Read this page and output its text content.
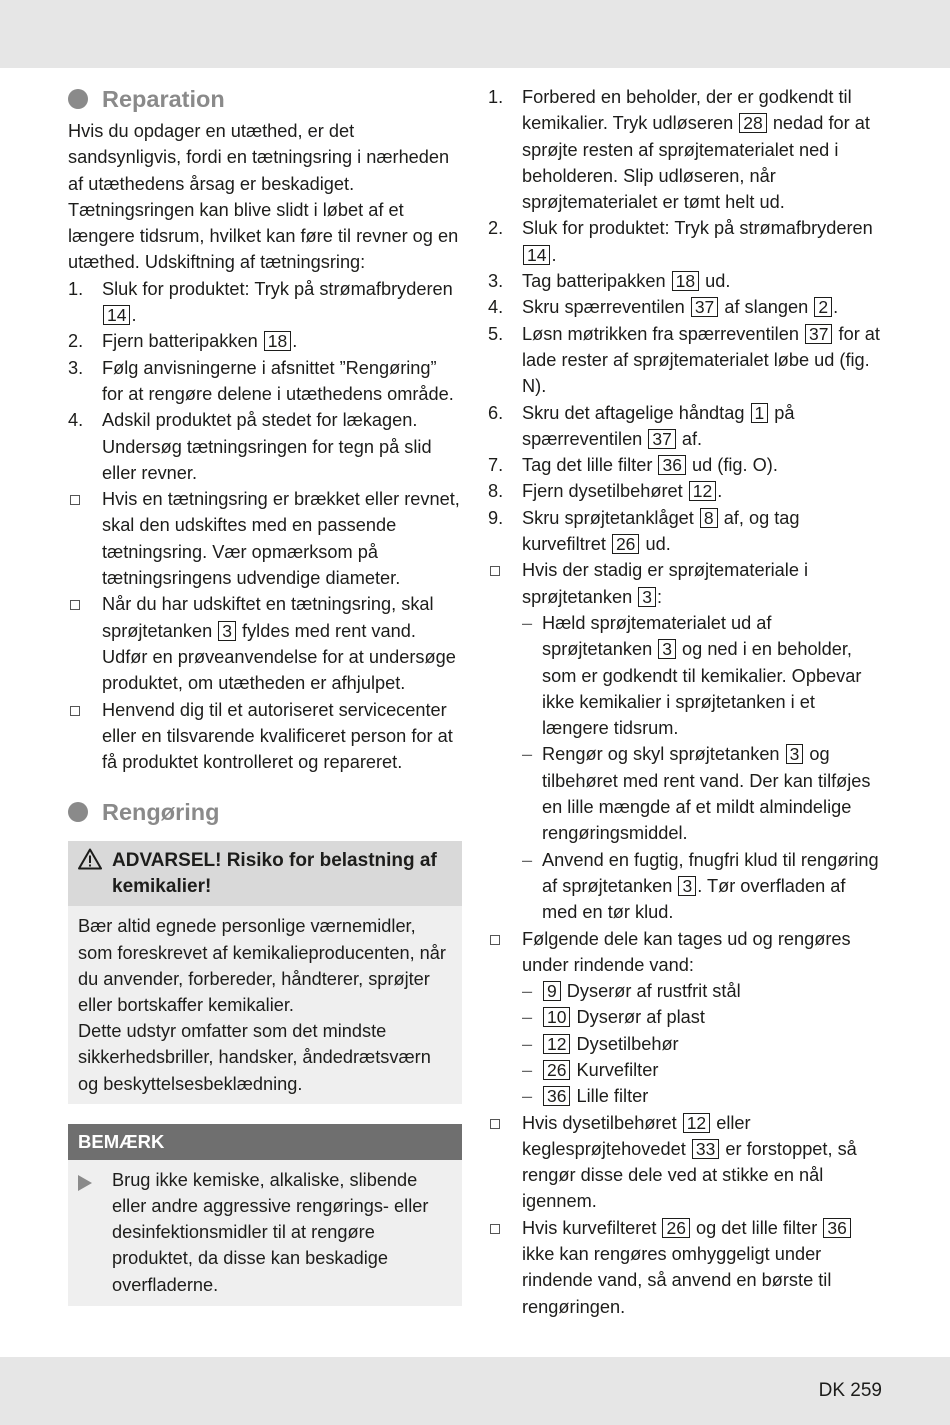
Reparation

Hvis du opdager en utæthed, er det sandsynligvis, fordi en tætningsring i nærheden af utæthedens årsag er beskadiget. Tætningsringen kan blive slidt i løbet af et længere tidsrum, hvilket kan føre til revner og en utæthed. Udskiftning af tætningsring:

1.	Sluk for produktet: Tryk på strømafbryderen 14 .
2.	Fjern batteripakken 18 .
3.	Følg anvisningerne i afsnittet ”Rengøring” for at rengøre delene i utæthedens område.
4.	Adskil produktet på stedet for lækagen. Undersøg tætningsringen for tegn på slid eller revner.
Hvis en tætningsring er brækket eller revnet, skal den udskiftes med en passende tætningsring. Vær opmærksom på tætningsringens udvendige diameter.
Når du har udskiftet en tætningsring, skal sprøjtetanken 3 fyldes med rent vand. Udfør en prøveanvendelse for at undersøge produktet, om utætheden er afhjulpet.
Henvend dig til et autoriseret servicecenter eller en tilsvarende kvalificeret person for at få produktet kontrolleret og repareret.
Rengøring
ADVARSEL! Risiko for belastning af kemikalier!

Bær altid egnede personlige værnemidler, som foreskrevet af kemikalieproducenten, når du anvender, forbereder, håndterer, sprøjter eller bortskaffer kemikalier.

Dette udstyr omfatter som det mindste sikkerhedsbriller, handsker, åndedrætsværn og beskyttelsesbeklædning.

BEMÆRK
Brug ikke kemiske, alkaliske, slibende eller andre aggressive rengørings- eller desinfektionsmidler til at rengøre produktet, da disse kan beskadige overfladerne.
1.	Forbered en beholder, der er godkendt til kemikalier. Tryk udløseren 28 nedad for at sprøjte resten af sprøjtematerialet ned i beholderen. Slip udløseren, når sprøjtematerialet er tømt helt ud.
2.	Sluk for produktet: Tryk på strømafbryderen 14 .
3.	Tag batteripakken 18 ud.
4.	Skru spærreventilen 37 af slangen 2 .
5.	Løsn møtrikken fra spærreventilen 37 for at lade rester af sprøjtematerialet løbe ud (fig. N).
6.	Skru det aftagelige håndtag 1 på spærreventilen 37 af.
7.	Tag det lille filter 36 ud (fig. O).
8.	Fjern dysetilbehøret 12 .
9.	Skru sprøjtetanklåget 8 af, og tag kurvefiltret 26 ud.
Hvis der stadig er sprøjtemateriale i sprøjtetanken 3 :
– Hæld sprøjtematerialet ud af sprøjtetanken 3 og ned i en beholder, som er godkendt til kemikalier. Opbevar ikke kemikalier i sprøjtetanken i et længere tidsrum.
– Rengør og skyl sprøjtetanken 3 og tilbehøret med rent vand. Der kan tilføjes en lille mængde af et mildt almindelige rengøringsmiddel.
– Anvend en fugtig, fnugfri klud til rengøring af sprøjtetanken 3 . Tør overfladen af med en tør klud.
Følgende dele kan tages ud og rengøres under rindende vand:
– 9 Dyserør af rustfrit stål
– 10 Dyserør af plast
– 12 Dysetilbehør
– 26 Kurvefilter
– 36 Lille filter
Hvis dysetilbehøret 12 eller keglesprøjtehovedet 33 er forstoppet, så rengør disse dele ved at stikke en nål igennem.
Hvis kurvefilteret 26 og det lille filter 36 ikke kan rengøres omhyggeligt under rindende vand, så anvend en børste til rengøringen.
DK 259
